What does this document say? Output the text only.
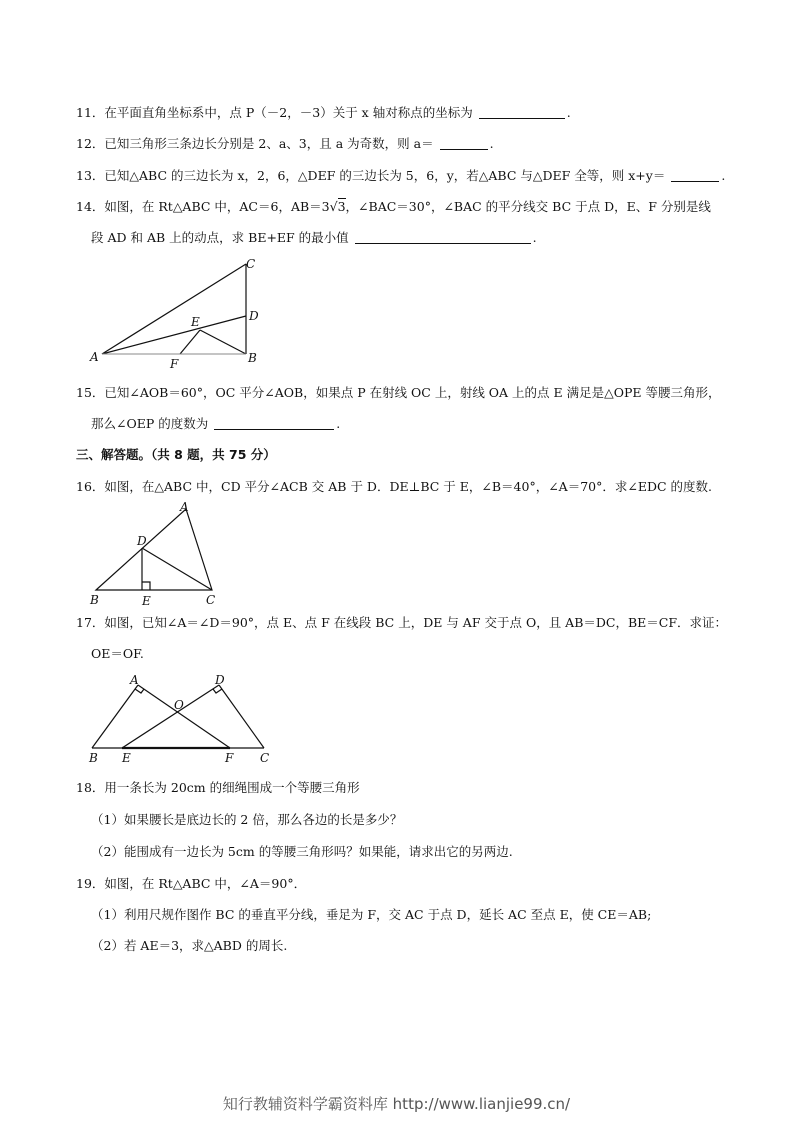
11．在平面直角坐标系中，点 P（－2，－3）关于 x 轴对称点的坐标为	.
12．已知三角形三条边长分别是 2、a、3，且 a 为奇数，则 a＝	.
13．已知△ABC 的三边长为 x，2，6，△DEF 的三边长为 5，6，y，若△ABC 与△DEF 全等，则 x+y＝	.
14．如图，在 Rt△ABC 中，AC＝6，AB＝3√3，∠BAC＝30°，∠BAC 的平分线交 BC 于点 D，E、F 分别是线
段 AD 和 AB 上的动点，求 BE+EF 的最小值	.
A	B
C
D
E
F
15．已知∠AOB＝60°，OC 平分∠AOB，如果点 P 在射线 OC 上，射线 OA 上的点 E 满足是△OPE 等腰三角形，
那么∠OEP 的度数为	.
三、解答题。（共 8 题，共 75 分）
16．如图，在△ABC 中，CD 平分∠ACB 交 AB 于 D．DE⊥BC 于 E，∠B＝40°，∠A＝70°．求∠EDC 的度数.
A
B	C
D
E
17．如图，已知∠A＝∠D＝90°，点 E、点 F 在线段 BC 上，DE 与 AF 交于点 O，且 AB＝DC，BE＝CF．求证：
OE＝OF.
A
B	C
D
E	F
O
18．用一条长为 20cm 的细绳围成一个等腰三角形
（1）如果腰长是底边长的 2 倍，那么各边的长是多少？
（2）能围成有一边长为 5cm 的等腰三角形吗？如果能，请求出它的另两边.
19．如图，在 Rt△ABC 中，∠A＝90°．
（1）利用尺规作图作 BC 的垂直平分线，垂足为 F，交 AC 于点 D，延长 AC 至点 E，使 CE＝AB;
（2）若 AE＝3，求△ABD 的周长.
知行教辅资料学霸资料库 http://www.lianjie99.cn/
